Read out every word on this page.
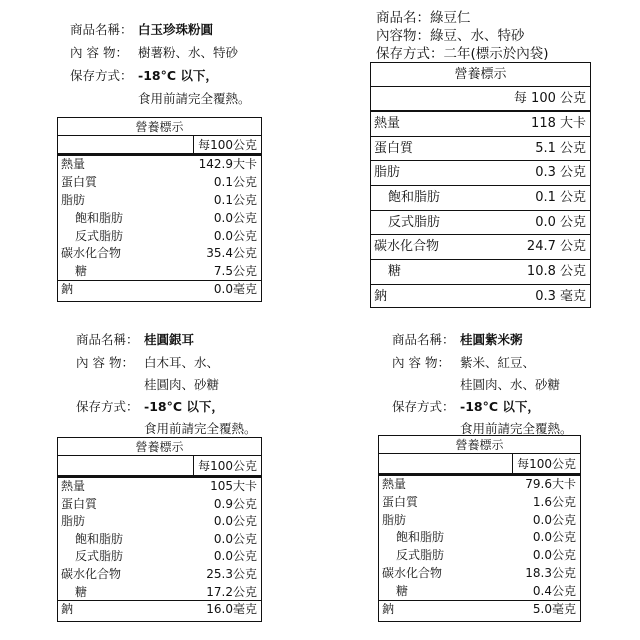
商品名稱： 白玉珍珠粉圓
內 容 物： 樹薯粉、水、特砂
保存方式： -18°C 以下，
食用前請完全覆熱。
營養標示
每100公克
熱量	142.9大卡
蛋白質	0.1公克
脂肪	0.1公克
飽和脂肪	0.0公克
反式脂肪	0.0公克
碳水化合物	35.4公克
糖	7.5公克
鈉	0.0毫克
商品名：綠豆仁
內容物：綠豆、水、特砂
保存方式：二年(標示於內袋)
營養標示
每 100 公克
熱量	118 大卡
蛋白質	5.1 公克
脂肪	0.3 公克
飽和脂肪	0.1 公克
反式脂肪	0.0 公克
碳水化合物	24.7 公克
糖	10.8 公克
鈉	0.3 毫克
商品名稱： 桂圓銀耳
內 容 物： 白木耳、水、
桂圓肉、砂糖
保存方式： -18°C 以下，
食用前請完全覆熱。
營養標示
每100公克
熱量	105大卡
蛋白質	0.9公克
脂肪	0.0公克
飽和脂肪	0.0公克
反式脂肪	0.0公克
碳水化合物	25.3公克
糖	17.2公克
鈉	16.0毫克
商品名稱： 桂圓紫米粥
內 容 物： 紫米、紅豆、
桂圓肉、水、砂糖
保存方式： -18°C 以下，
食用前請完全覆熱。
營養標示
每100公克
熱量	79.6大卡
蛋白質	1.6公克
脂肪	0.0公克
飽和脂肪	0.0公克
反式脂肪	0.0公克
碳水化合物	18.3公克
糖	0.4公克
鈉	5.0毫克
